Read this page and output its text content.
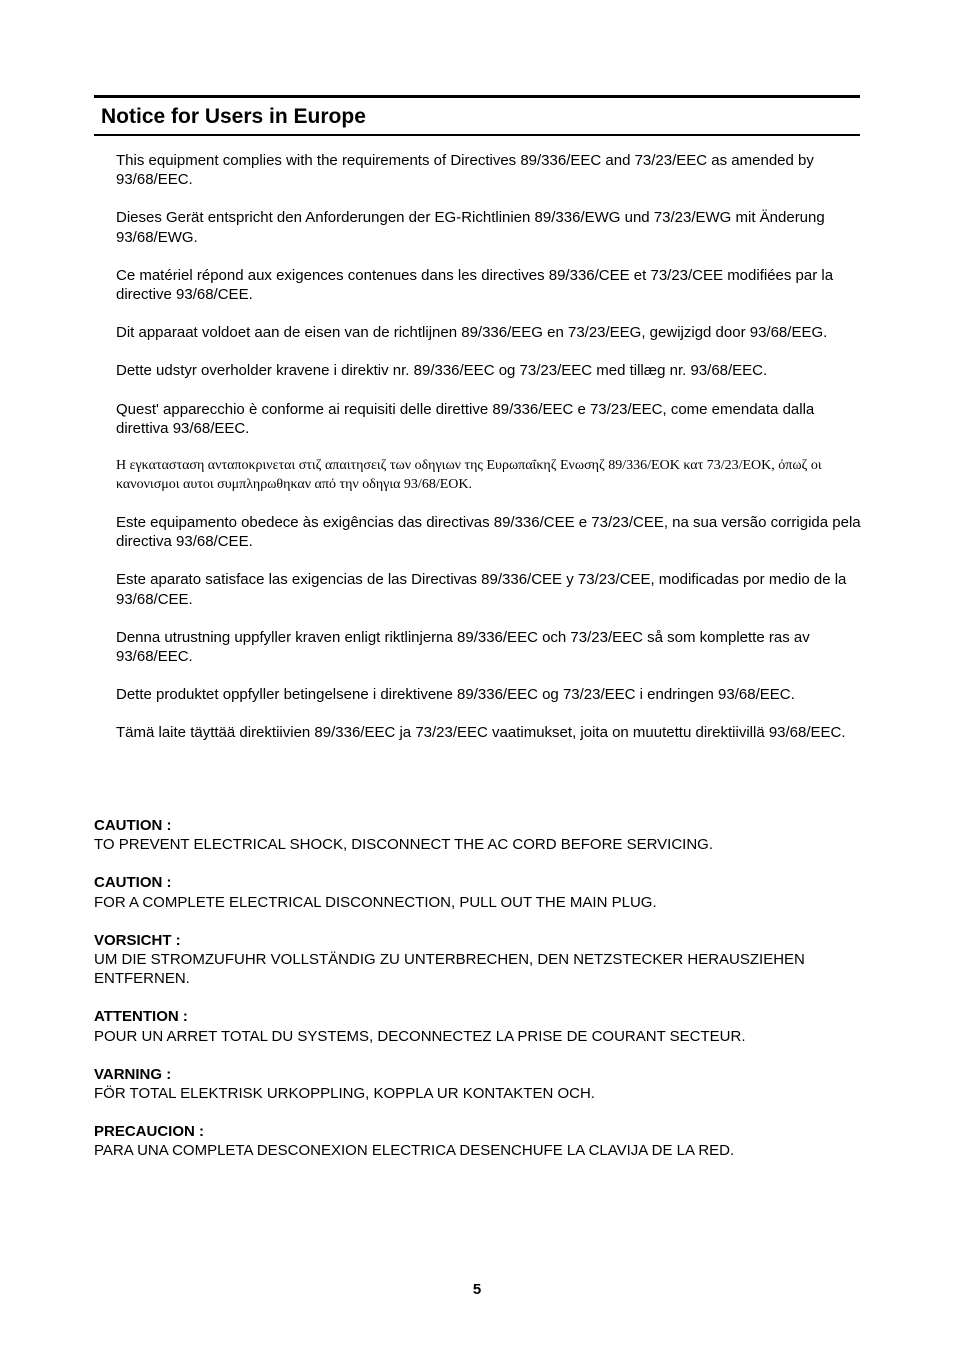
Notice for Users in Europe

This equipment complies with the requirements of Directives 89/336/EEC and 73/23/EEC as amended by 93/68/EEC.

Dieses Gerät entspricht den Anforderungen der EG-Richtlinien 89/336/EWG und 73/23/EWG mit Änderung 93/68/EWG.

Ce matériel répond aux exigences contenues dans les directives 89/336/CEE et 73/23/CEE modifiées par la directive 93/68/CEE.

Dit apparaat voldoet aan de eisen van de richtlijnen 89/336/EEG en 73/23/EEG, gewijzigd door 93/68/EEG.

Dette udstyr overholder kravene i direktiv nr. 89/336/EEC og 73/23/EEC med tillæg nr. 93/68/EEC.

Quest' apparecchio è conforme ai requisiti delle direttive 89/336/EEC e 73/23/EEC, come emendata dalla direttiva 93/68/EEC.

Η εγκατασταση ανταποκρινεται στιζ απαιτησειζ των οδηγιων της Ευρωπαΐκηζ Ενωσηζ 89/336/ΕΟΚ κατ 73/23/ΕΟΚ, όπωζ οι κανονισμοι αυτοι συμπληρωθηκαν από την οδηγια 93/68/ΕΟΚ.

Este equipamento obedece às exigências das directivas 89/336/CEE e 73/23/CEE, na sua versão corrigida pela directiva 93/68/CEE.

Este aparato satisface las exigencias de las Directivas 89/336/CEE y 73/23/CEE, modificadas por medio de la 93/68/CEE.

Denna utrustning uppfyller kraven enligt riktlinjerna 89/336/EEC och 73/23/EEC så som komplette ras av 93/68/EEC.

Dette produktet oppfyller betingelsene i direktivene 89/336/EEC og 73/23/EEC i endringen 93/68/EEC.

Tämä laite täyttää direktiivien 89/336/EEC ja 73/23/EEC vaatimukset, joita on muutettu direktiivillä 93/68/EEC.

CAUTION :
TO PREVENT ELECTRICAL SHOCK, DISCONNECT THE AC CORD BEFORE SERVICING.
CAUTION :
FOR A COMPLETE ELECTRICAL DISCONNECTION, PULL OUT THE MAIN PLUG.
VORSICHT :
UM DIE STROMZUFUHR VOLLSTÄNDIG ZU UNTERBRECHEN, DEN NETZSTECKER HERAUSZIEHEN ENTFERNEN.
ATTENTION :
POUR UN ARRET TOTAL DU SYSTEMS, DECONNECTEZ LA PRISE DE COURANT SECTEUR.
VARNING :
FÖR TOTAL ELEKTRISK URKOPPLING, KOPPLA UR KONTAKTEN OCH.
PRECAUCION :
PARA UNA COMPLETA DESCONEXION ELECTRICA DESENCHUFE LA CLAVIJA DE LA RED.
5
